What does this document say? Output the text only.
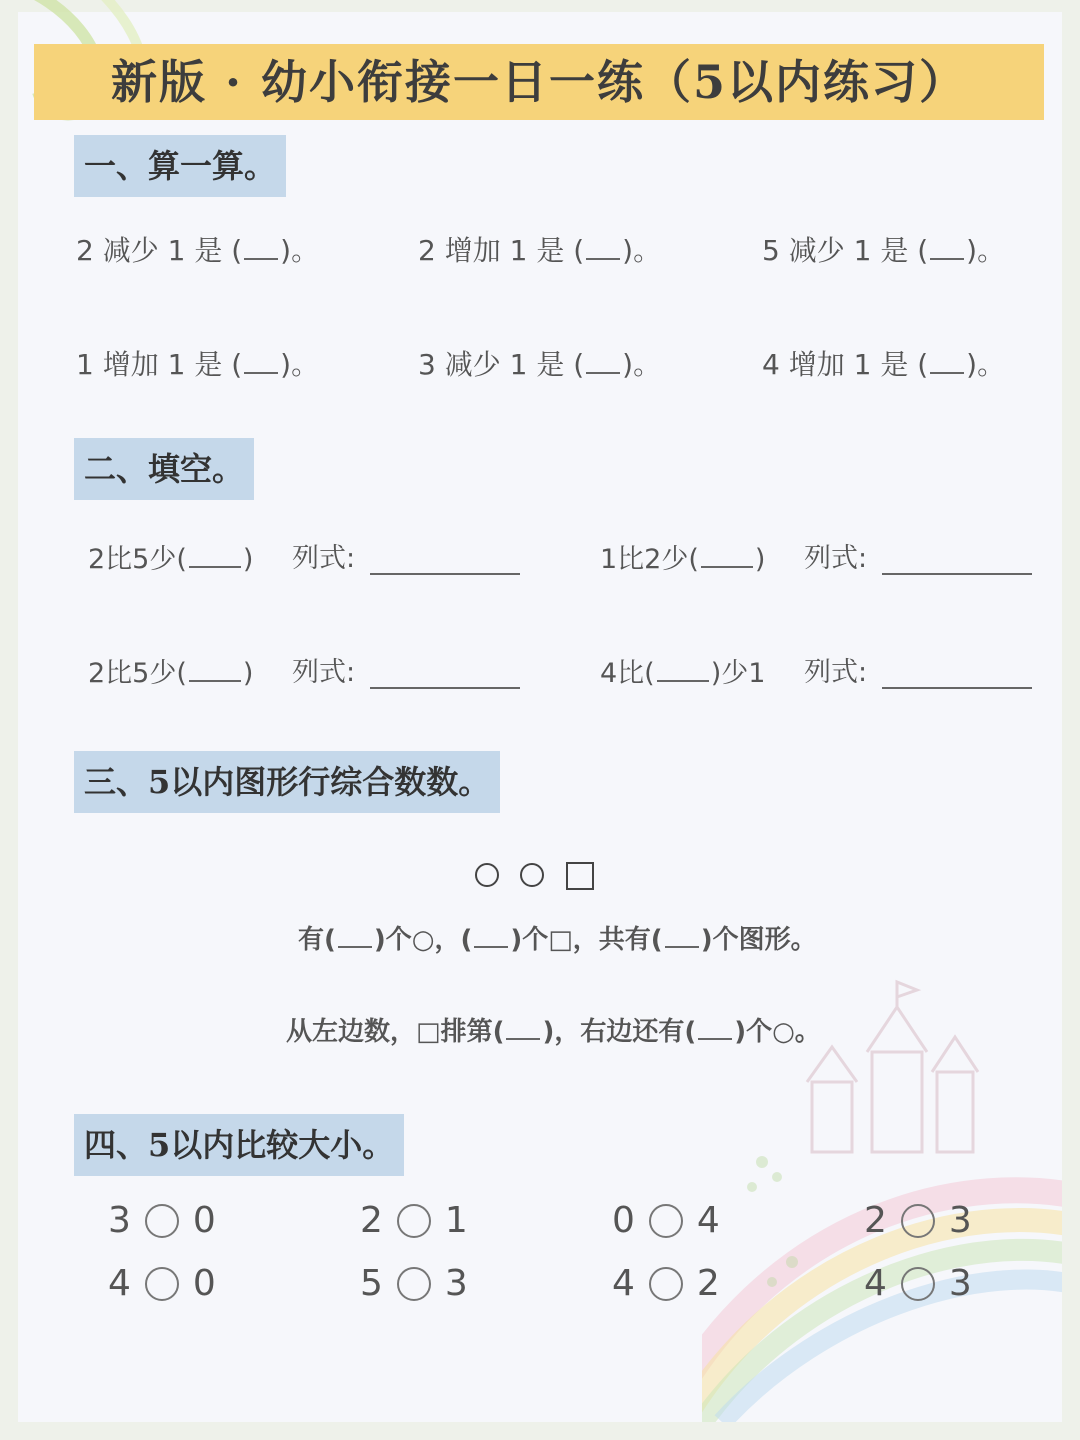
新版 · 幼小衔接一日一练（5以内练习）
一、算一算。
2 减少 1 是 ( )。	2 增加 1 是 ( )。	5 减少 1 是 ( )。
1 增加 1 是 ( )。	3 减少 1 是 ( )。	4 增加 1 是 ( )。
二、填空。
2比5少( ) 列式:	1比2少( ) 列式:
2比5少( ) 列式:	4比( )少1 列式:
三、5以内图形行综合数数。
有( )个○，( )个□，共有( )个图形。
从左边数，□排第( )，右边还有( )个○。
四、5以内比较大小。
3 0	2 1	0 4	2 3
4 0	5 3	4 2	4 3
